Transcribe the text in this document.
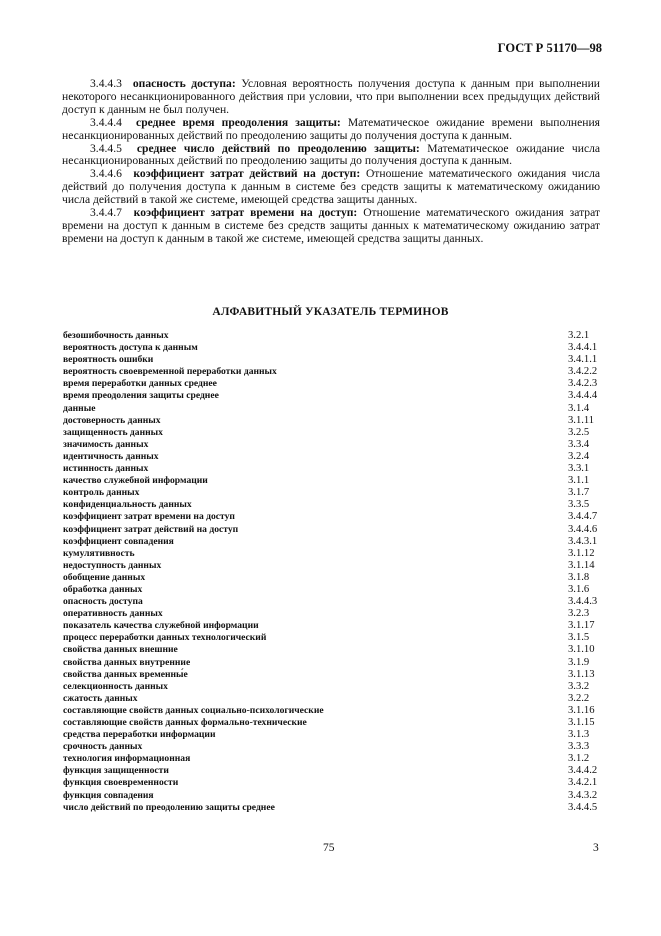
ГОСТ Р 51170—98

3.4.4.3 опасность доступа: Условная вероятность получения доступа к данным при выполнении некоторого несанкционированного действия при условии, что при выполнении всех предыдущих действий доступ к данным не был получен.

3.4.4.4 среднее время преодоления защиты: Математическое ожидание времени выполнения несанкционированных действий по преодолению защиты до получения доступа к данным.

3.4.4.5 среднее число действий по преодолению защиты: Математическое ожидание числа несанкционированных действий по преодолению защиты до получения доступа к данным.

3.4.4.6 коэффициент затрат действий на доступ: Отношение математического ожидания числа действий до получения доступа к данным в системе без средств защиты к математическому ожиданию числа действий в такой же системе, имеющей средства защиты данных.

3.4.4.7 коэффициент затрат времени на доступ: Отношение математического ожидания затрат времени на доступ к данным в системе без средств защиты данных к математическому ожиданию затрат времени на доступ к данным в такой же системе, имеющей средства защиты данных.

АЛФАВИТНЫЙ УКАЗАТЕЛЬ ТЕРМИНОВ
безошибочность данных	3.2.1
вероятность доступа к данным	3.4.4.1
вероятность ошибки	3.4.1.1
вероятность своевременной переработки данных	3.4.2.2
время переработки данных среднее	3.4.2.3
время преодоления защиты среднее	3.4.4.4
данные	3.1.4
достоверность данных	3.1.11
защищенность данных	3.2.5
значимость данных	3.3.4
идентичность данных	3.2.4
истинность данных	3.3.1
качество служебной информации	3.1.1
контроль данных	3.1.7
конфиденциальность данных	3.3.5
коэффициент затрат времени на доступ	3.4.4.7
коэффициент затрат действий на доступ	3.4.4.6
коэффициент совпадения	3.4.3.1
кумулятивность	3.1.12
недоступность данных	3.1.14
обобщение данных	3.1.8
обработка данных	3.1.6
опасность доступа	3.4.4.3
оперативность данных	3.2.3
показатель качества служебной информации	3.1.17
процесс переработки данных технологический	3.1.5
свойства данных внешние	3.1.10
свойства данных внутренние	3.1.9
свойства данных временны́е	3.1.13
селекционность данных	3.3.2
сжатость данных	3.2.2
составляющие свойств данных социально-психологические	3.1.16
составляющие свойств данных формально-технические	3.1.15
средства переработки информации	3.1.3
срочность данных	3.3.3
технология информационная	3.1.2
функция защищенности	3.4.4.2
функция своевременности	3.4.2.1
функция совпадения	3.4.3.2
число действий по преодолению защиты среднее	3.4.4.5
75	3
